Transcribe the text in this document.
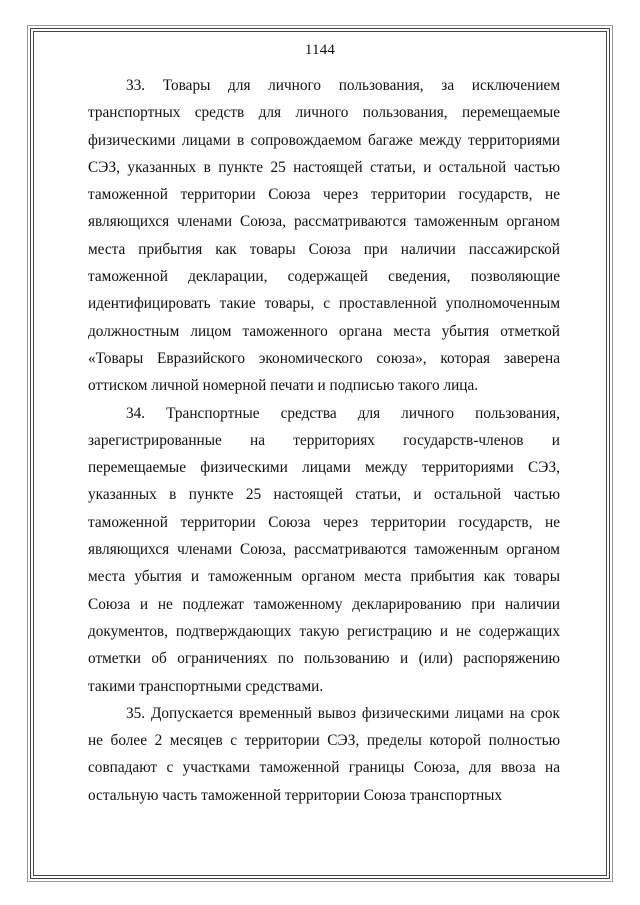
1144

33. Товары для личного пользования, за исключением транспортных средств для личного пользования, перемещаемые физическими лицами в сопровождаемом багаже между территориями СЭЗ, указанных в пункте 25 настоящей статьи, и остальной частью таможенной территории Союза через территории государств, не являющихся членами Союза, рассматриваются таможенным органом места прибытия как товары Союза при наличии пассажирской таможенной декларации, содержащей сведения, позволяющие идентифицировать такие товары, с проставленной уполномоченным должностным лицом таможенного органа места убытия отметкой «Товары Евразийского экономического союза», которая заверена оттиском личной номерной печати и подписью такого лица.

34. Транспортные средства для личного пользования, зарегистрированные на территориях государств-членов и перемещаемые физическими лицами между территориями СЭЗ, указанных в пункте 25 настоящей статьи, и остальной частью таможенной территории Союза через территории государств, не являющихся членами Союза, рассматриваются таможенным органом места убытия и таможенным органом места прибытия как товары Союза и не подлежат таможенному декларированию при наличии документов, подтверждающих такую регистрацию и не содержащих отметки об ограничениях по пользованию и (или) распоряжению такими транспортными средствами.

35. Допускается временный вывоз физическими лицами на срок не более 2 месяцев с территории СЭЗ, пределы которой полностью совпадают с участками таможенной границы Союза, для ввоза на остальную часть таможенной территории Союза транспортных
